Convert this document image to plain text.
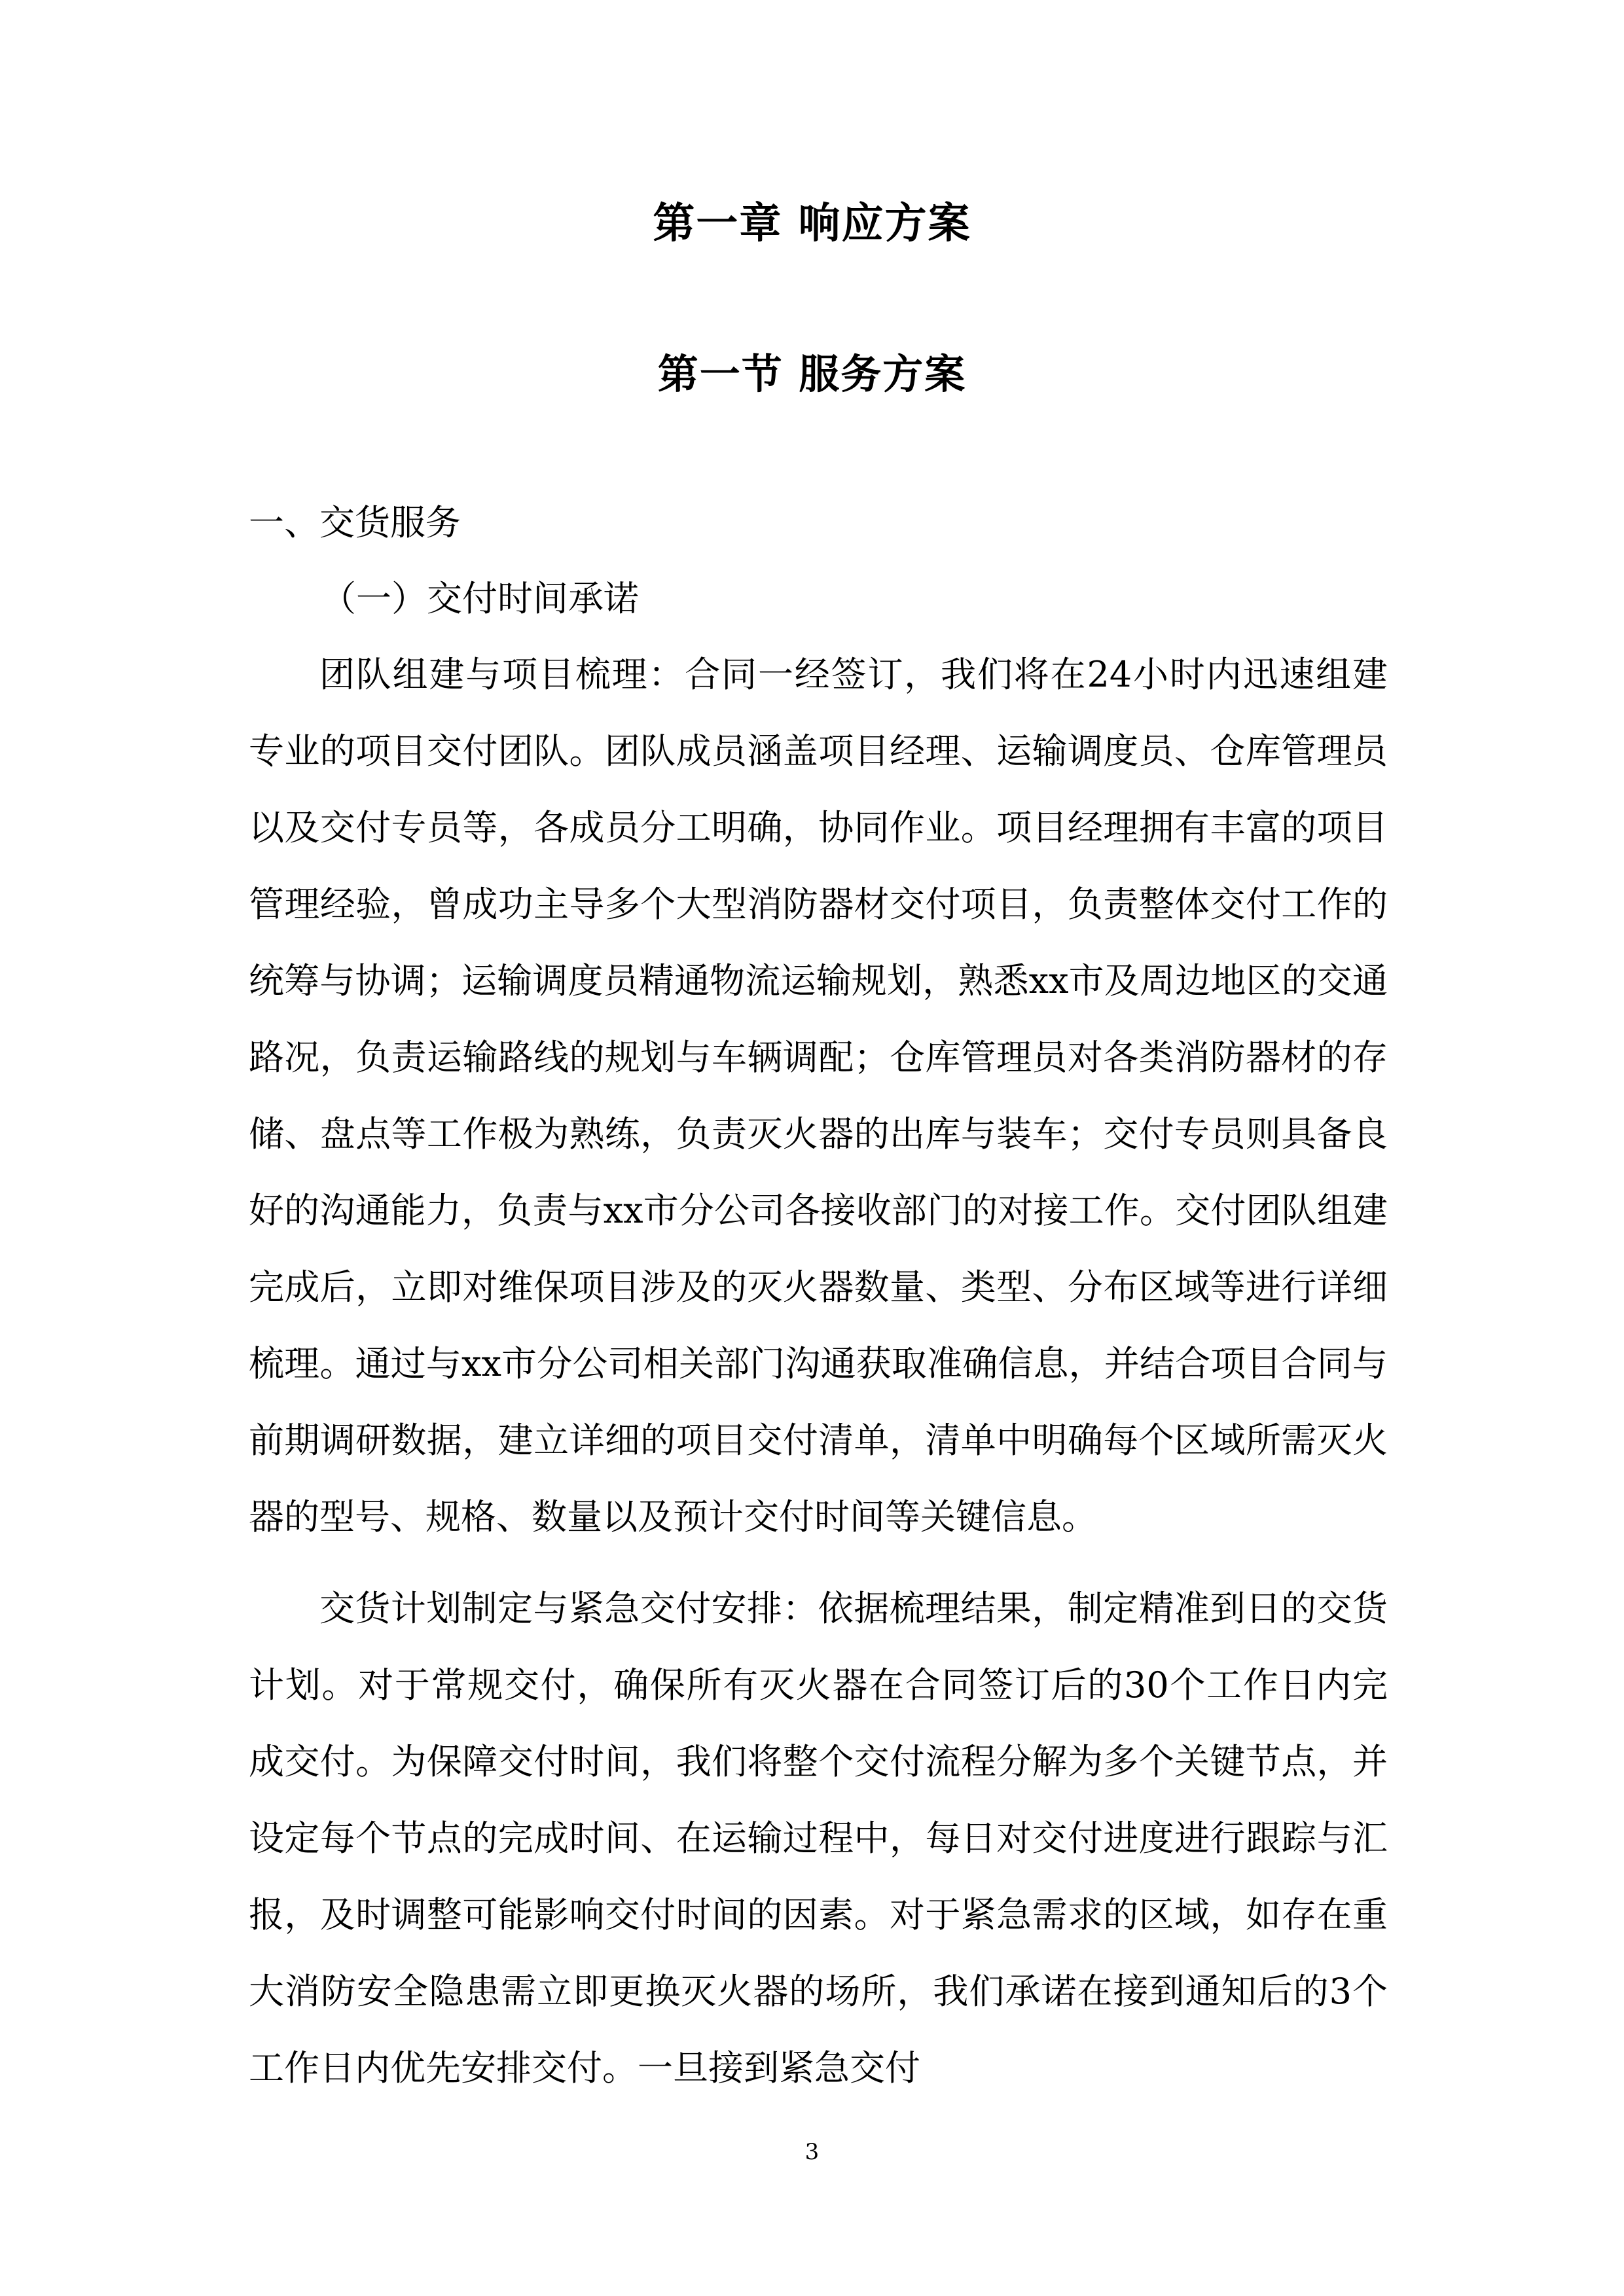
第一章 响应方案
第一节 服务方案

一、交货服务

（一）交付时间承诺

团队组建与项目梳理：合同一经签订，我们将在24小时内迅速组建专业的项目交付团队。团队成员涵盖项目经理、运输调度员、仓库管理员以及交付专员等，各成员分工明确，协同作业。项目经理拥有丰富的项目管理经验，曾成功主导多个大型消防器材交付项目，负责整体交付工作的统筹与协调；运输调度员精通物流运输规划，熟悉xx市及周边地区的交通路况，负责运输路线的规划与车辆调配；仓库管理员对各类消防器材的存储、盘点等工作极为熟练，负责灭火器的出库与装车；交付专员则具备良好的沟通能力，负责与xx市分公司各接收部门的对接工作。交付团队组建完成后，立即对维保项目涉及的灭火器数量、类型、分布区域等进行详细梳理。通过与xx市分公司相关部门沟通获取准确信息，并结合项目合同与前期调研数据，建立详细的项目交付清单，清单中明确每个区域所需灭火器的型号、规格、数量以及预计交付时间等关键信息。

交货计划制定与紧急交付安排：依据梳理结果，制定精准到日的交货计划。对于常规交付，确保所有灭火器在合同签订后的30个工作日内完成交付。为保障交付时间，我们将整个交付流程分解为多个关键节点，并设定每个节点的完成时间、在运输过程中，每日对交付进度进行跟踪与汇报，及时调整可能影响交付时间的因素。对于紧急需求的区域，如存在重大消防安全隐患需立即更换灭火器的场所，我们承诺在接到通知后的3个工作日内优先安排交付。一旦接到紧急交付

3
